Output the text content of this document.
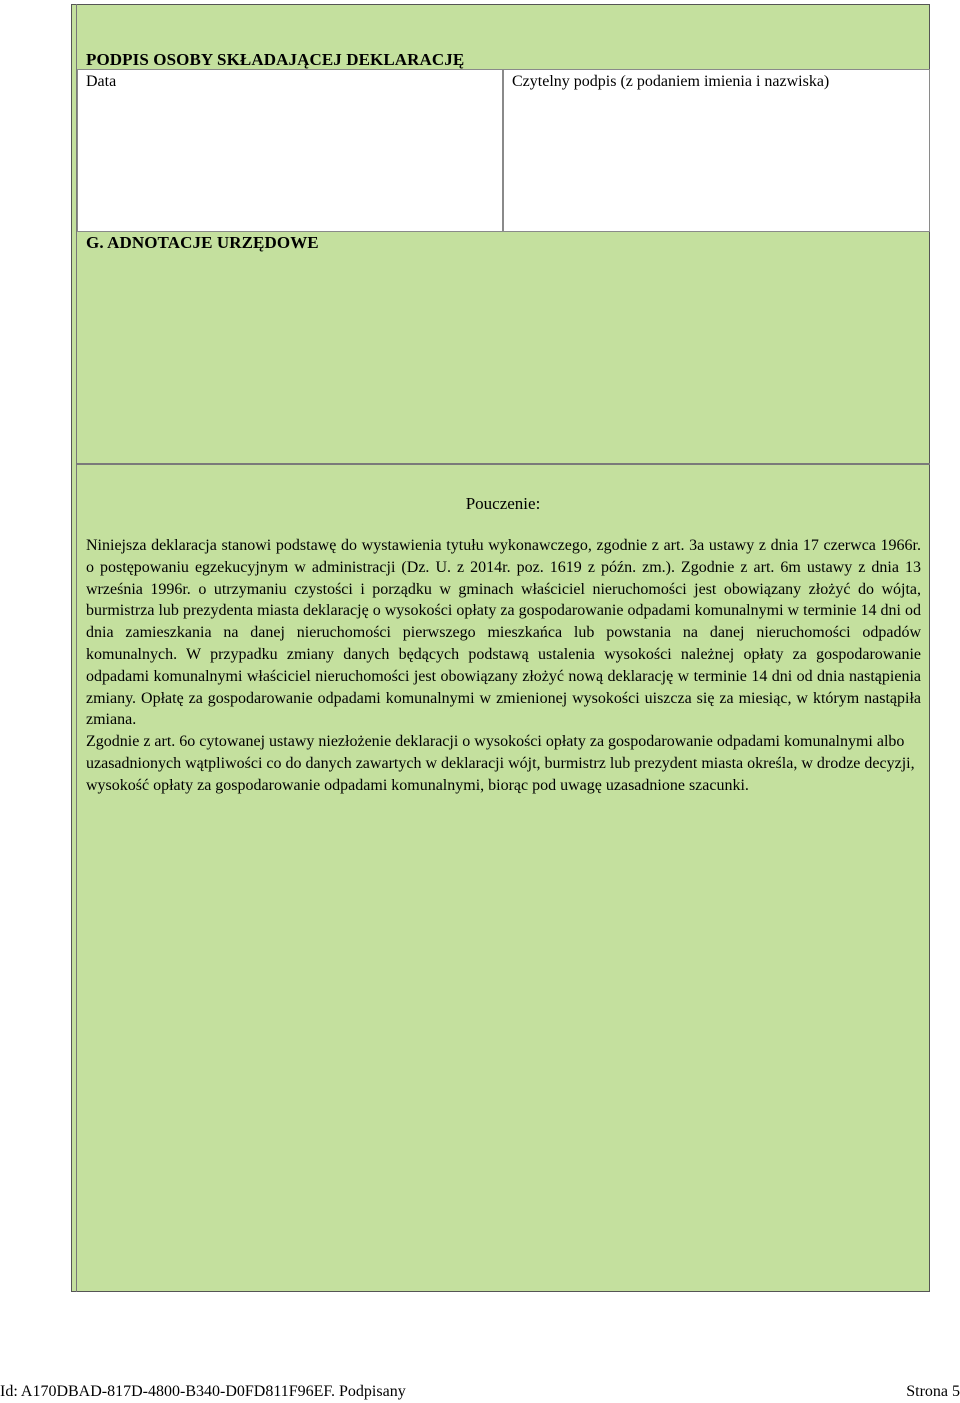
PODPIS OSOBY SKŁADAJĄCEJ DEKLARACJĘ
Data	Czytelny podpis (z podaniem imienia i nazwiska)
G. ADNOTACJE URZĘDOWE
Pouczenie:

Niniejsza deklaracja stanowi podstawę do wystawienia tytułu wykonawczego, zgodnie z art. 3a ustawy z dnia 17 czerwca 1966r. o postępowaniu egzekucyjnym w administracji (Dz. U. z 2014r. poz. 1619 z późn. zm.). Zgodnie z art. 6m ustawy z dnia 13 września 1996r. o utrzymaniu czystości i porządku w gminach właściciel nieruchomości jest obowiązany złożyć do wójta, burmistrza lub prezydenta miasta deklarację o wysokości opłaty za gospodarowanie odpadami komunalnymi w terminie 14 dni od dnia zamieszkania na danej nieruchomości pierwszego mieszkańca lub powstania na danej nieruchomości odpadów komunalnych. W przypadku zmiany danych będących podstawą ustalenia wysokości należnej opłaty za gospodarowanie odpadami komunalnymi właściciel nieruchomości jest obowiązany złożyć nową deklarację w terminie 14 dni od dnia nastąpienia zmiany. Opłatę za gospodarowanie odpadami komunalnymi w zmienionej wysokości uiszcza się za miesiąc, w którym nastąpiła zmiana.

Zgodnie z art. 6o cytowanej ustawy niezłożenie deklaracji o wysokości opłaty za gospodarowanie odpadami komunalnymi albo uzasadnionych wątpliwości co do danych zawartych w deklaracji wójt, burmistrz lub prezydent miasta określa, w drodze decyzji, wysokość opłaty za gospodarowanie odpadami komunalnymi, biorąc pod uwagę uzasadnione szacunki.

Id: A170DBAD-817D-4800-B340-D0FD811F96EF. Podpisany	Strona 5
